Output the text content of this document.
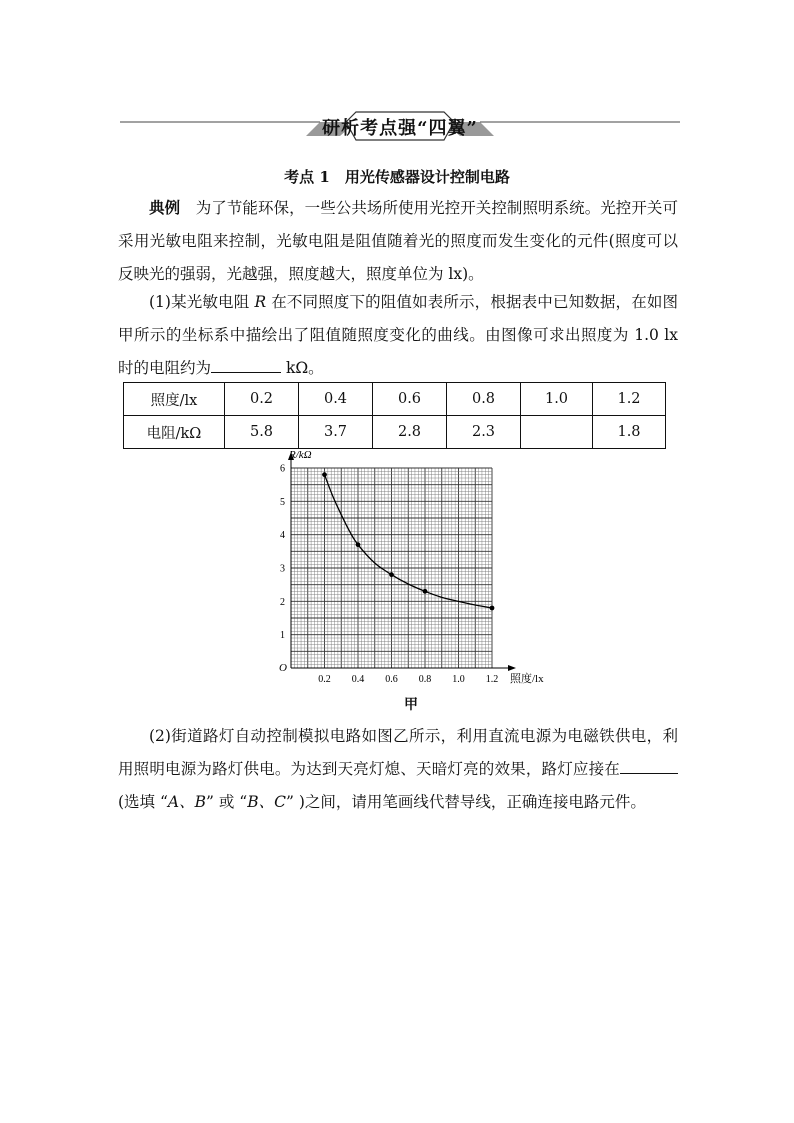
研析考点强“四翼”
考点 1　用光传感器设计控制电路
典例　 为了节能环保，一些公共场所使用光控开关控制照明系统。光控开关可采用光敏电阻来控制，光敏电阻是阻值随着光的照度而发生变化的元件(照度可以反映光的强弱，光越强，照度越大，照度单位为 lx)。
(1)某光敏电阻 R 在不同照度下的阻值如表所示，根据表中已知数据，在如图甲所示的坐标系中描绘出了阻值随照度变化的曲线。由图像可求出照度为 1.0 lx 时的电阻约为	kΩ。
照度/lx	0.2	0.4	0.6	0.8	1.0	1.2
电阻/kΩ	5.8	3.7	2.8	2.3		1.8
0.2 0.4 0.6 0.8 1.0 1.2
1
2
3
4
5
6
R/kΩ
照度/lx
O
甲
(2)街道路灯自动控制模拟电路如图乙所示，利用直流电源为电磁铁供电，利用照明电源为路灯供电。为达到天亮灯熄、天暗灯亮的效果，路灯应接在(选填 “A、B” 或 “B、C” )之间，请用笔画线代替导线，正确连接电路元件。
